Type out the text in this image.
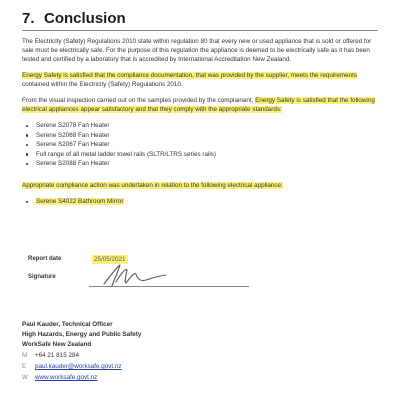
7. Conclusion
The Electricity (Safety) Regulations 2010 state within regulation 80 that every new or used appliance that is sold or offered for sale must be electrically safe. For the purpose of this regulation the appliance is deemed to be electrically safe as it has been tested and certified by a laboratory that is accredited by International Accreditation New Zealand.
Energy Safety is satisfied that the compliance documentation, that was provided by the supplier, meets the requirements contained within the Electricity (Safety) Regulations 2010.
From the visual inspection carried out on the samples provided by the complainant, Energy Safety is satisfied that the following electrical appliances appear satisfactory and that they comply with the appropriate standards:
Serene S2078 Fan Heater
Serene S2068 Fan Heater
Serene S2067 Fan Heater
Full range of all metal ladder towel rails (SLTR/LTRS series rails)
Serene S2088 Fan Heater
Appropriate compliance action was undertaken in relation to the following electrical appliance:
Serene S4022 Bathroom Mirror
Report date	25/05/2021
Signature
Paul Kauder, Technical Officer
High Hazards, Energy and Public Safety
WorkSafe New Zealand
M +64 21 815 284
E paul.kauder@worksafe.govt.nz
W www.worksafe.govt.nz
